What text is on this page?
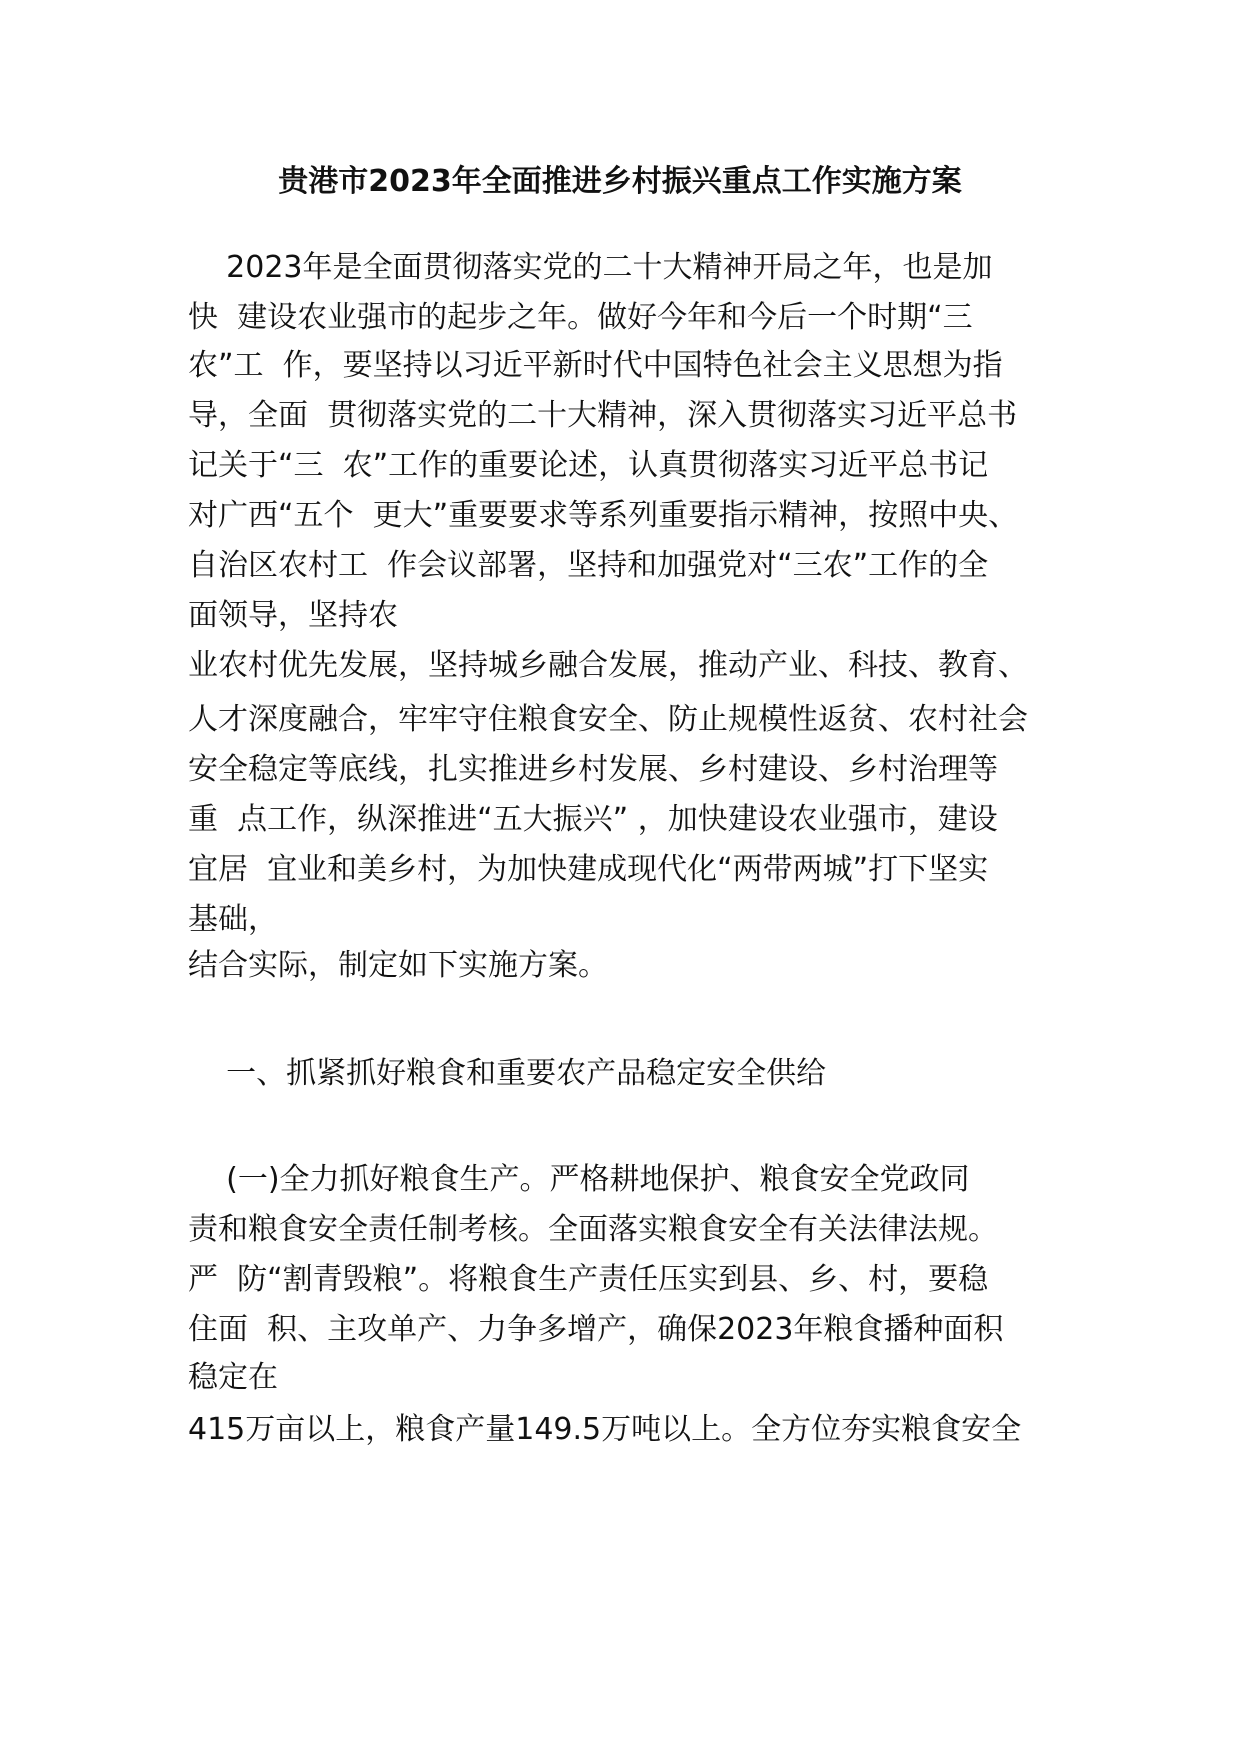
贵港市2023年全面推进乡村振兴重点工作实施方案
2023年是全面贯彻落实党的二十大精神开局之年，也是加
快  建设农业强市的起步之年。做好今年和今后一个时期“三
农”工  作，要坚持以习近平新时代中国特色社会主义思想为指
导，全面  贯彻落实党的二十大精神，深入贯彻落实习近平总书
记关于“三  农”工作的重要论述，认真贯彻落实习近平总书记
对广西“五个  更大”重要要求等系列重要指示精神，按照中央、
自治区农村工  作会议部署，坚持和加强党对“三农”工作的全
面领导，坚持农
业农村优先发展，坚持城乡融合发展，推动产业、科技、教育、
人才深度融合，牢牢守住粮食安全、防止规模性返贫、农村社会
安全稳定等底线，扎实推进乡村发展、乡村建设、乡村治理等
重  点工作，纵深推进“五大振兴” ，加快建设农业强市，建设
宜居  宜业和美乡村，为加快建成现代化“两带两城”打下坚实
基础，
结合实际，制定如下实施方案。
一、抓紧抓好粮食和重要农产品稳定安全供给
(一)全力抓好粮食生产。严格耕地保护、粮食安全党政同
责和粮食安全责任制考核。全面落实粮食安全有关法律法规。
严  防“割青毁粮”。将粮食生产责任压实到县、乡、村，要稳
住面  积、主攻单产、力争多增产，确保2023年粮食播种面积
稳定在
415万亩以上，粮食产量149.5万吨以上。全方位夯实粮食安全
